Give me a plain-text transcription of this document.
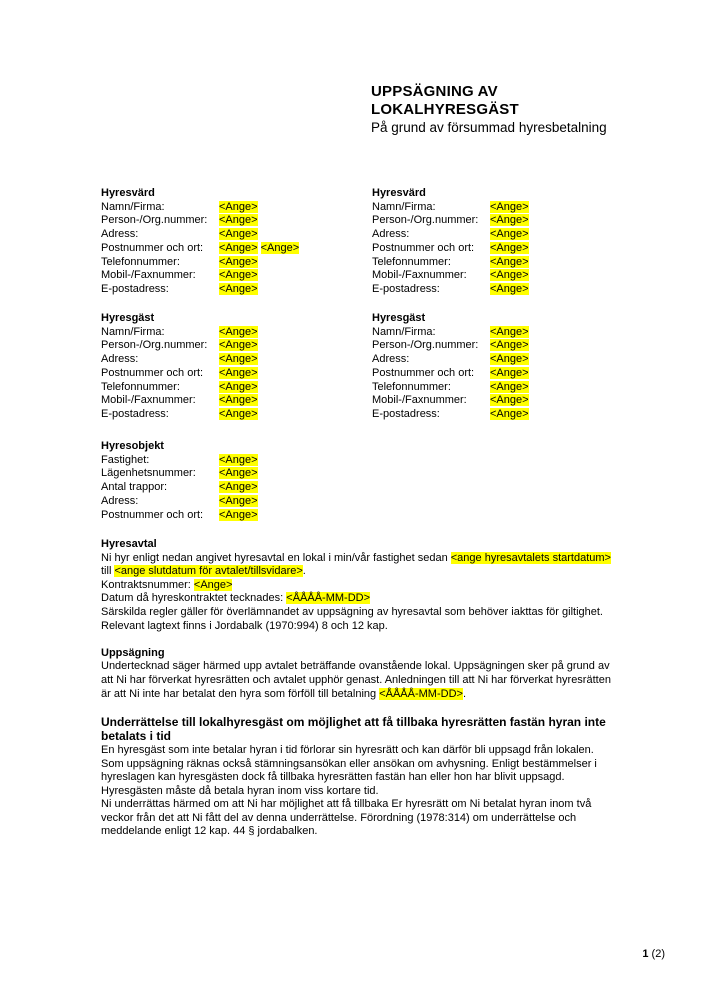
UPPSÄGNING AV
LOKALHYRESGÄST
På grund av försummad hyresbetalning
Hyresvärd
Namn/Firma:	<Ange>
Person-/Org.nummer:	<Ange>
Adress:	<Ange>
Postnummer och ort:	<Ange> <Ange>
Telefonnummer:	<Ange>
Mobil-/Faxnummer:	<Ange>
E-postadress:	<Ange>
Hyresvärd
Namn/Firma:	<Ange>
Person-/Org.nummer:	<Ange>
Adress:	<Ange>
Postnummer och ort:	<Ange>
Telefonnummer:	<Ange>
Mobil-/Faxnummer:	<Ange>
E-postadress:	<Ange>
Hyresgäst
Namn/Firma:	<Ange>
Person-/Org.nummer:	<Ange>
Adress:	<Ange>
Postnummer och ort:	<Ange>
Telefonnummer:	<Ange>
Mobil-/Faxnummer:	<Ange>
E-postadress:	<Ange>
Hyresgäst
Namn/Firma:	<Ange>
Person-/Org.nummer:	<Ange>
Adress:	<Ange>
Postnummer och ort:	<Ange>
Telefonnummer:	<Ange>
Mobil-/Faxnummer:	<Ange>
E-postadress:	<Ange>
Hyresobjekt
Fastighet:	<Ange>
Lägenhetsnummer:	<Ange>
Antal trappor:	<Ange>
Adress:	<Ange>
Postnummer och ort:	<Ange>
Hyresavtal

Ni hyr enligt nedan angivet hyresavtal en lokal i min/vår fastighet sedan <ange hyresavtalets startdatum> till <ange slutdatum för avtalet/tillsvidare>.

Kontraktsnummer: <Ange>

Datum då hyreskontraktet tecknades: <ÅÅÅÅ-MM-DD>

Särskilda regler gäller för överlämnandet av uppsägning av hyresavtal som behöver iakttas för giltighet. Relevant lagtext finns i Jordabalk (1970:994) 8 och 12 kap.

Uppsägning

Undertecknad säger härmed upp avtalet beträffande ovanstående lokal. Uppsägningen sker på grund av att Ni har förverkat hyresrätten och avtalet upphör genast. Anledningen till att Ni har förverkat hyresrätten är att Ni inte har betalat den hyra som förföll till betalning <ÅÅÅÅ-MM-DD>.

Underrättelse till lokalhyresgäst om möjlighet att få tillbaka hyresrätten fastän hyran inte betalats i tid

En hyresgäst som inte betalar hyran i tid förlorar sin hyresrätt och kan därför bli uppsagd från lokalen. Som uppsägning räknas också stämningsansökan eller ansökan om avhysning. Enligt bestämmelser i hyreslagen kan hyresgästen dock få tillbaka hyresrätten fastän han eller hon har blivit uppsagd. Hyresgästen måste då betala hyran inom viss kortare tid.

Ni underrättas härmed om att Ni har möjlighet att få tillbaka Er hyresrätt om Ni betalat hyran inom två veckor från det att Ni fått del av denna underrättelse. Förordning (1978:314) om underrättelse och meddelande enligt 12 kap. 44 § jordabalken.

1 (2)
